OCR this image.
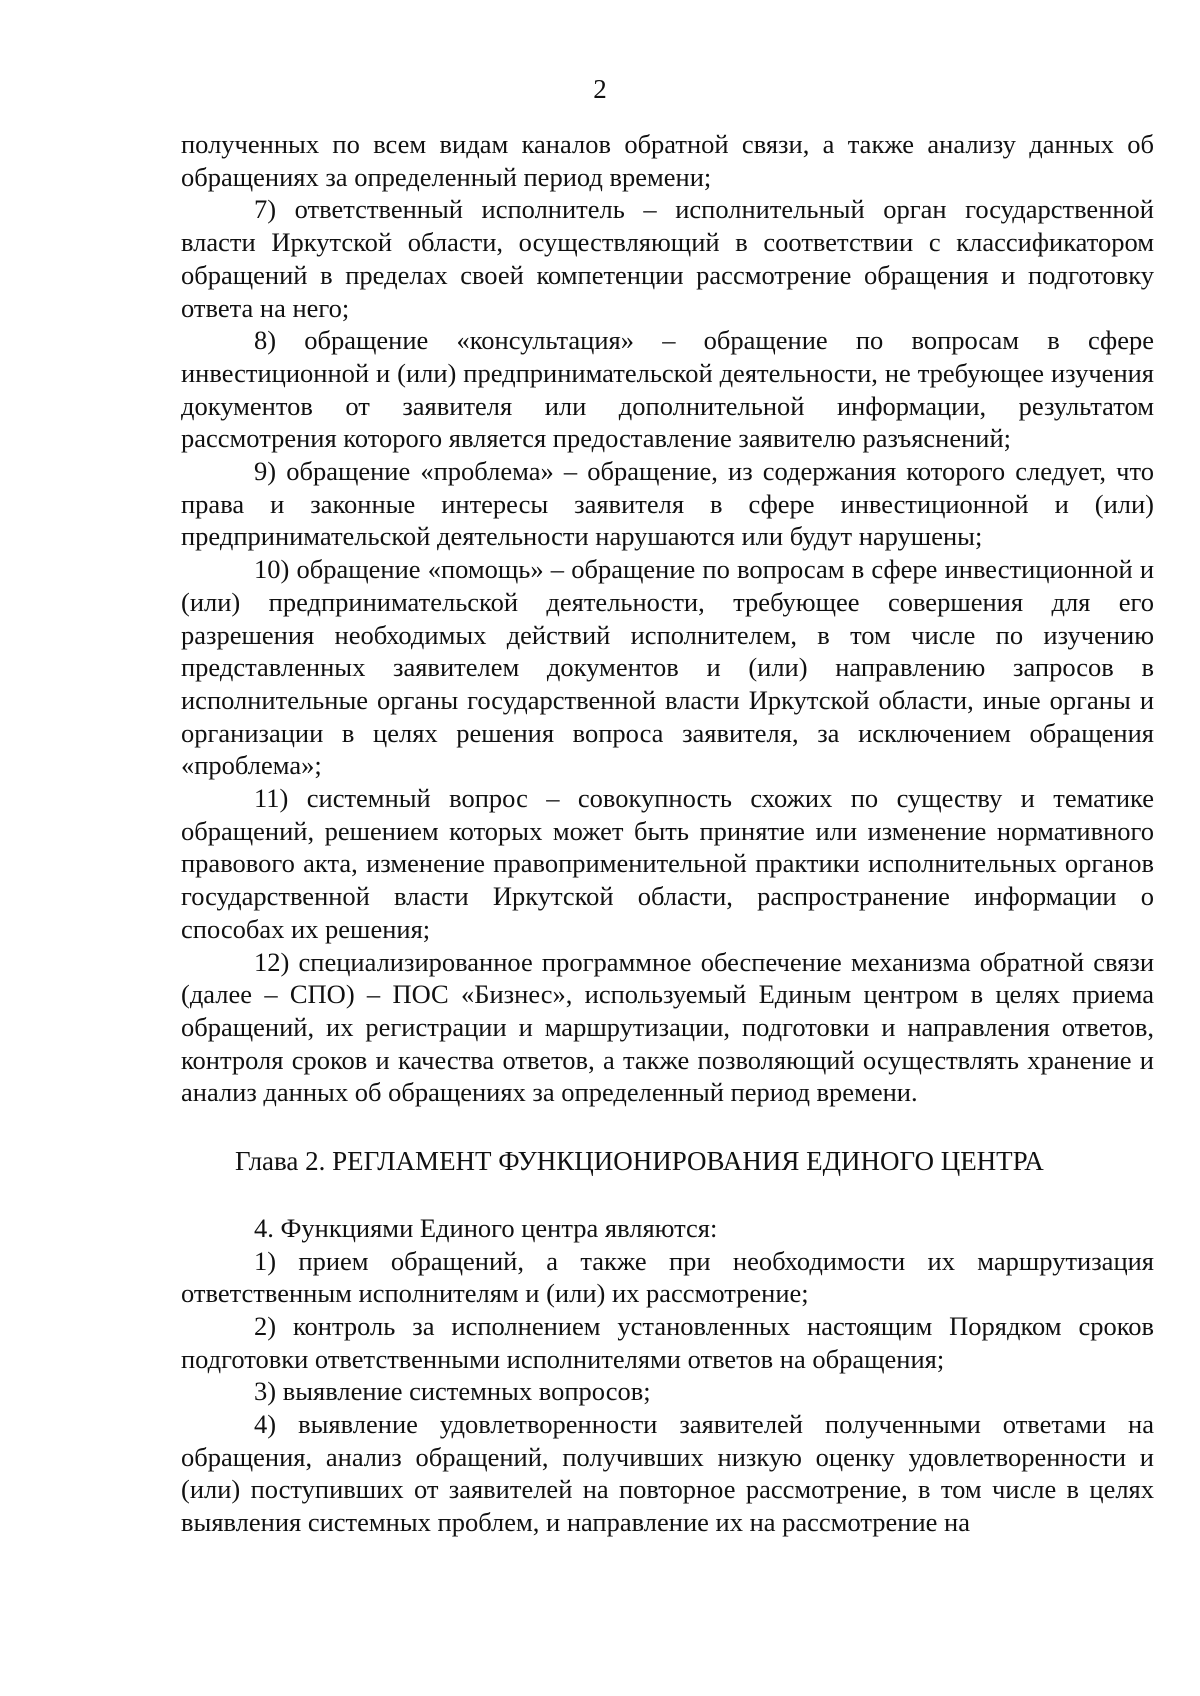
2

полученных по всем видам каналов обратной связи, а также анализу данных об обращениях за определенный период времени;

7) ответственный исполнитель – исполнительный орган государственной власти Иркутской области, осуществляющий в соответствии с классификатором обращений в пределах своей компетенции рассмотрение обращения и подготовку ответа на него;

8) обращение «консультация» – обращение по вопросам в сфере инвестиционной и (или) предпринимательской деятельности, не требующее изучения документов от заявителя или дополнительной информации, результатом рассмотрения которого является предоставление заявителю разъяснений;

9) обращение «проблема» – обращение, из содержания которого следует, что права и законные интересы заявителя в сфере инвестиционной и (или) предпринимательской деятельности нарушаются или будут нарушены;

10) обращение «помощь» – обращение по вопросам в сфере инвестиционной и (или) предпринимательской деятельности, требующее совершения для его разрешения необходимых действий исполнителем, в том числе по изучению представленных заявителем документов и (или) направлению запросов в исполнительные органы государственной власти Иркутской области, иные органы и организации в целях решения вопроса заявителя, за исключением обращения «проблема»;

11) системный вопрос – совокупность схожих по существу и тематике обращений, решением которых может быть принятие или изменение нормативного правового акта, изменение правоприменительной практики исполнительных органов государственной власти Иркутской области, распространение информации о способах их решения;

12) специализированное программное обеспечение механизма обратной связи (далее – СПО) – ПОС «Бизнес», используемый Единым центром в целях приема обращений, их регистрации и маршрутизации, подготовки и направления ответов, контроля сроков и качества ответов, а также позволяющий осуществлять хранение и анализ данных об обращениях за определенный период времени.

Глава 2. РЕГЛАМЕНТ ФУНКЦИОНИРОВАНИЯ ЕДИНОГО ЦЕНТРА

4. Функциями Единого центра являются:

1) прием обращений, а также при необходимости их маршрутизация ответственным исполнителям и (или) их рассмотрение;

2) контроль за исполнением установленных настоящим Порядком сроков подготовки ответственными исполнителями ответов на обращения;

3) выявление системных вопросов;

4) выявление удовлетворенности заявителей полученными ответами на обращения, анализ обращений, получивших низкую оценку удовлетворенности и (или) поступивших от заявителей на повторное рассмотрение, в том числе в целях выявления системных проблем, и направление их на рассмотрение на
